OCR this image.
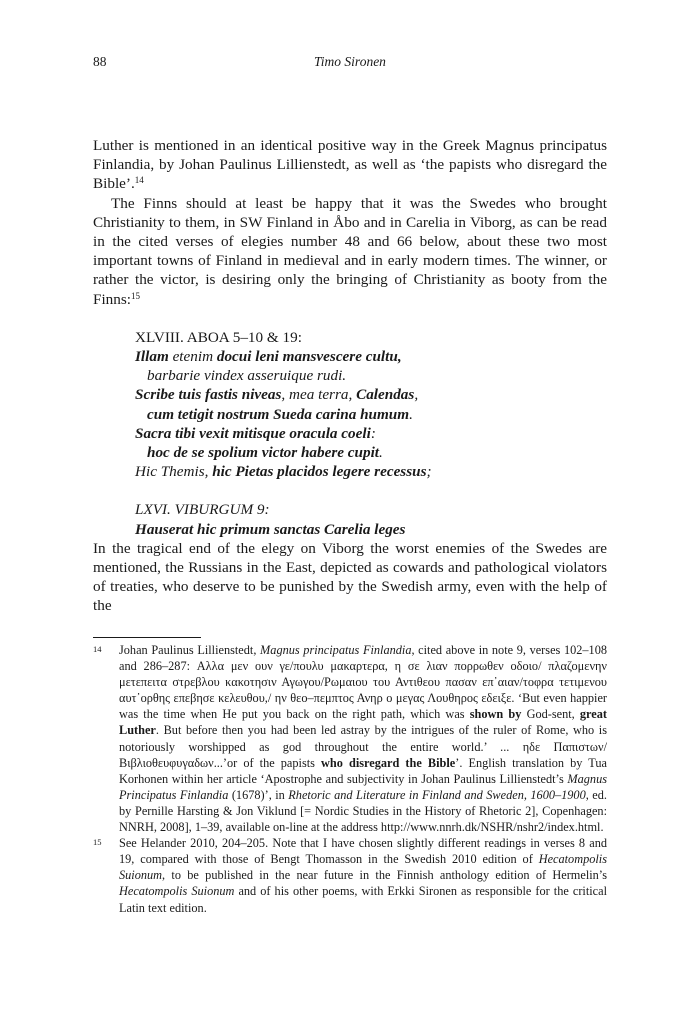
88	Timo Sironen

Luther is mentioned in an identical positive way in the Greek Magnus principatus Finlandia, by Johan Paulinus Lillienstedt, as well as ‘the papists who disregard the Bible’.$^{14}$

The Finns should at least be happy that it was the Swedes who brought Christianity to them, in SW Finland in Åbo and in Carelia in Viborg, as can be read in the cited verses of elegies number 48 and 66 below, about these two most important towns of Finland in medieval and in early modern times. The winner, or rather the victor, is desiring only the bringing of Christianity as booty from the Finns:$^{15}$

XLVIII. ABOA 5–10 & 19:
Illam etenim docui leni mansvescere cultu,
barbarie vindex asseruique rudi.
Scribe tuis fastis niveas, mea terra, Calendas,
cum tetigit nostrum Sueda carina humum.
Sacra tibi vexit mitisque oracula coeli:
hoc de se spolium victor habere cupit.
Hic Themis, hic Pietas placidos legere recessus;
LXVI. VIBURGUM 9:
Hauserat hic primum sanctas Carelia leges

In the tragical end of the elegy on Viborg the worst enemies of the Swedes are mentioned, the Russians in the East, depicted as cowards and pathological violators of treaties, who deserve to be punished by the Swedish army, even with the help of the

14 Johan Paulinus Lillienstedt, Magnus principatus Finlandia, cited above in note 9, verses 102–108 and 286–287: Αλλα μεν ουν γε/πουλυ μακαρτερα, η σε λιαν πορρωθεν οδοιο/ πλαζομενην μετεπειτα στρεβλου κακοτησιν Αγωγου/Ρωμαιου του Αντιθεου πασαν επ᾽αιαν/τοφρα τετιμενου αυτ᾽ορθης επεβησε κελευθου,/ ην θεο–πεμπτος Ανηρ ο μεγας Λουθηρος εδειξε. ‘But even happier was the time when He put you back on the right path, which was shown by God-sent, great Luther. But before then you had been led astray by the intrigues of the ruler of Rome, who is notoriously worshipped as god throughout the entire world.’ ... ηδε Παπιστων/Βιβλιοθευφυγαδων...’or of the papists who disregard the Bible’. English translation by Tua Korhonen within her article ‘Apostrophe and subjectivity in Johan Paulinus Lillienstedt’s Magnus Principatus Finlandia (1678)’, in Rhetoric and Literature in Finland and Sweden, 1600–1900, ed. by Pernille Harsting & Jon Viklund [= Nordic Studies in the History of Rhetoric 2], Copenhagen: NNRH, 2008], 1–39, available on-line at the address http://www.nnrh.dk/NSHR/nshr2/index.html.
15 See Helander 2010, 204–205. Note that I have chosen slightly different readings in verses 8 and 19, compared with those of Bengt Thomasson in the Swedish 2010 edition of Hecatompolis Suionum, to be published in the near future in the Finnish anthology edition of Hermelin’s Hecatompolis Suionum and of his other poems, with Erkki Sironen as responsible for the critical Latin text edition.
